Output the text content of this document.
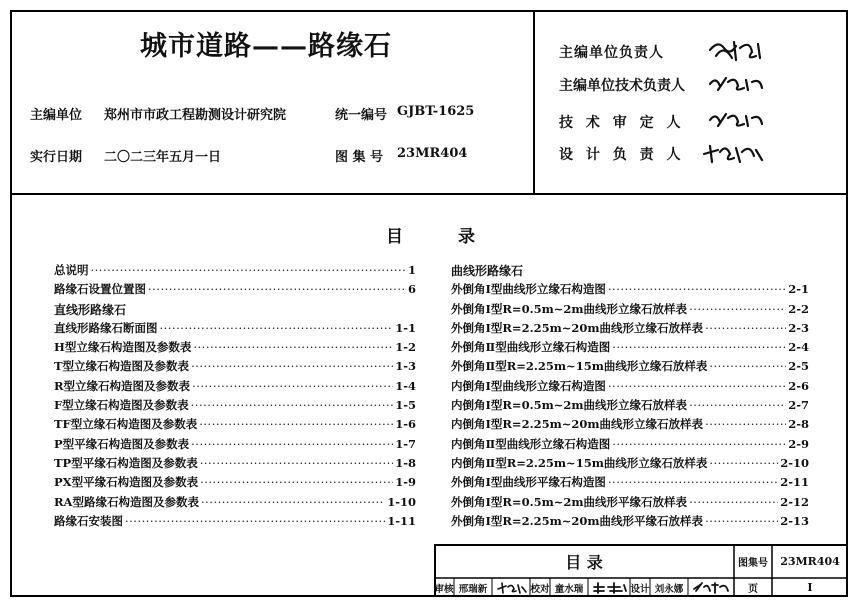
城市道路——路缘石
主编单位 郑州市市政工程勘测设计研究院	统一编号 GJBT-1625
实行日期 二〇二三年五月一日	图 集 号 23MR404
主编单位负责人
主编单位技术负责人
技 术 审 定 人
设 计 负 责 人
目	录
总说明 ·····	1
路缘石设置位置图 ·····	6
直线形路缘石
直线形路缘石断面图 ·····	1-1
H型立缘石构造图及参数表 ·····	1-2
T型立缘石构造图及参数表 ·····	1-3
R型立缘石构造图及参数表 ·····	1-4
F型立缘石构造图及参数表 ·····	1-5
TF型立缘石构造图及参数表 ·····	1-6
P型平缘石构造图及参数表 ·····	1-7
TP型平缘石构造图及参数表 ·····	1-8
PX型平缘石构造图及参数表 ·····	1-9
RA型路缘石构造图及参数表 ·····	1-10
路缘石安装图 ·····	1-11
曲线形路缘石
外倒角Ⅰ型曲线形立缘石构造图 ·····	2-1
外倒角Ⅰ型R=0.5m~2m曲线形立缘石放样表 ·····	2-2
外倒角Ⅰ型R=2.25m~20m曲线形立缘石放样表 ·····	2-3
外倒角Ⅱ型曲线形立缘石构造图 ·····	2-4
外倒角Ⅱ型R=2.25m~15m曲线形立缘石放样表 ·····	2-5
内倒角Ⅰ型曲线形立缘石构造图 ·····	2-6
内倒角Ⅰ型R=0.5m~2m曲线形立缘石放样表 ·····	2-7
内倒角Ⅰ型R=2.25m~20m曲线形立缘石放样表 ·····	2-8
内倒角Ⅱ型曲线形立缘石构造图 ·····	2-9
内倒角Ⅱ型R=2.25m~15m曲线形立缘石放样表 ·····	2-10
外倒角Ⅰ型曲线形平缘石构造图 ·····	2-11
外倒角Ⅰ型R=0.5m~2m曲线形平缘石放样表 ·····	2-12
外倒角Ⅰ型R=2.25m~20m曲线形平缘石放样表 ·····	2-13
目 录	图集号	23MR404
审核 邢瑞新	校对 童水瑞	设计 刘永娜	页	Ⅰ
